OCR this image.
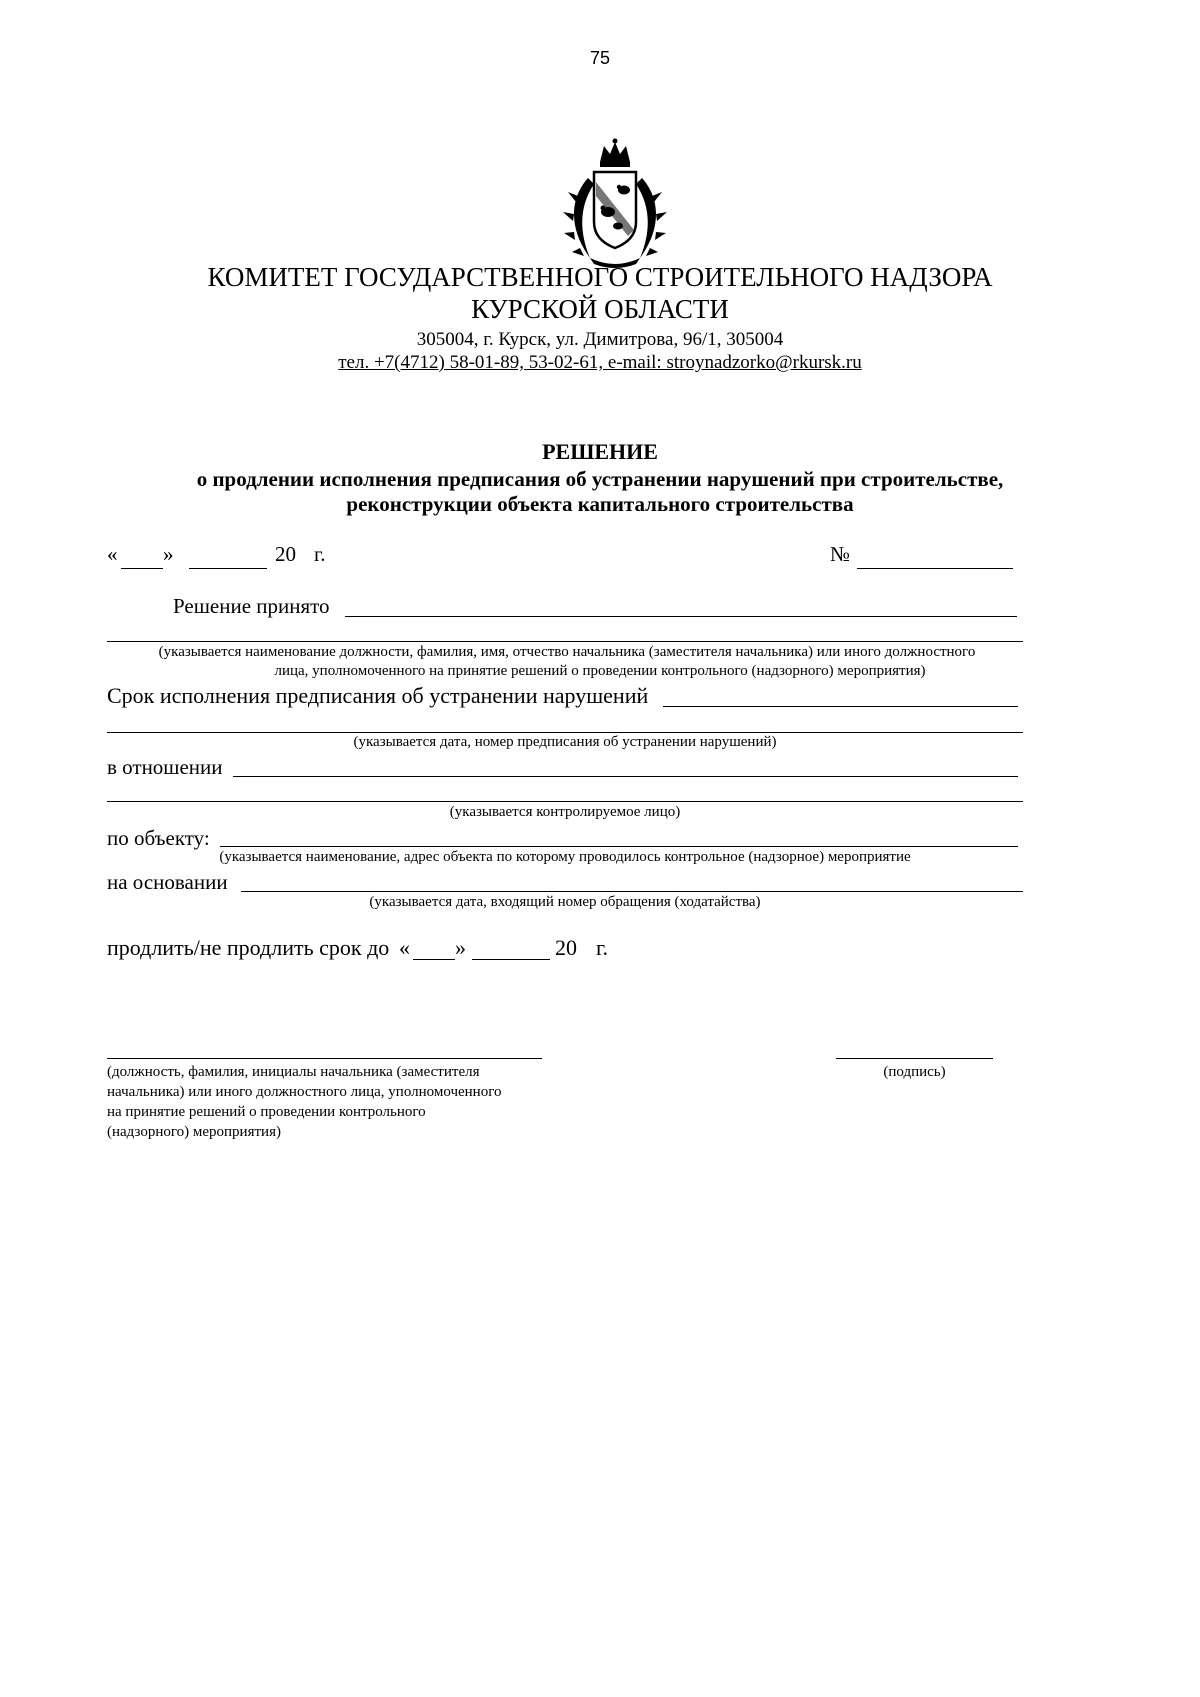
75
КОМИТЕТ ГОСУДАРСТВЕННОГО СТРОИТЕЛЬНОГО НАДЗОРА
КУРСКОЙ ОБЛАСТИ
305004, г. Курск, ул. Димитрова, 96/1, 305004
тел. +7(4712) 58-01-89, 53-02-61, e-mail: stroynadzorko@rkursk.ru
РЕШЕНИЕ
о продлении исполнения предписания об устранении нарушений при строительстве,
реконструкции объекта капитального строительства
« »	20 г.	№
Решение принято
(указывается наименование должности, фамилия, имя, отчество начальника (заместителя начальника) или иного должностного
лица, уполномоченного на принятие решений о проведении контрольного (надзорного) мероприятия)
Срок исполнения предписания об устранении нарушений
(указывается дата, номер предписания об устранении нарушений)
в отношении
(указывается контролируемое лицо)
по объекту:
(указывается наименование, адрес объекта по которому проводилось контрольное (надзорное) мероприятие
на основании
(указывается дата, входящий номер обращения (ходатайства)
продлить/не продлить срок до « »	20 г.
(должность, фамилия, инициалы начальника (заместителя
начальника) или иного должностного лица, уполномоченного
на принятие решений о проведении контрольного
(надзорного) мероприятия)
(подпись)
